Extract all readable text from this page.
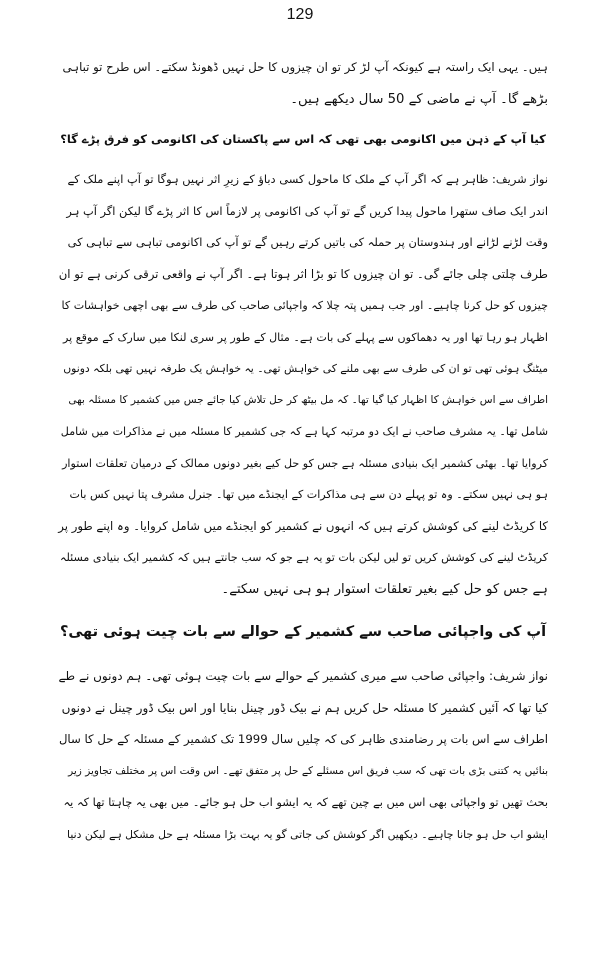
129

ہیں۔ یہی ایک راستہ ہے کیونکہ آپ لڑ کر تو ان چیزوں کا حل نہیں ڈھونڈ سکتے۔ اس طرح تو تباہی

بڑھے گا۔ آپ نے ماضی کے 50 سال دیکھے ہیں۔

کیا آپ کے ذہن میں اکانومی بھی تھی کہ اس سے پاکستان کی اکانومی کو فرق پڑے گا؟

نواز شریف: ظاہر ہے کہ اگر آپ کے ملک کا ماحول کسی دباؤ کے زیرِ اثر نہیں ہوگا تو آپ اپنے ملک کے

اندر ایک صاف ستھرا ماحول پیدا کریں گے تو آپ کی اکانومی پر لازماً اس کا اثر پڑے گا لیکن اگر آپ ہر

وقت لڑنے لڑانے اور ہندوستان پر حملہ کی باتیں کرتے رہیں گے تو آپ کی اکانومی تباہی سے تباہی کی

طرف چلتی چلی جائے گی۔ تو ان چیزوں کا تو بڑا اثر ہوتا ہے۔ اگر آپ نے واقعی ترقی کرنی ہے تو ان

چیزوں کو حل کرنا چاہیے۔ اور جب ہمیں پتہ چلا کہ واجپائی صاحب کی طرف سے بھی اچھی خواہشات کا

اظہار ہو رہا تھا اور یہ دھماکوں سے پہلے کی بات ہے۔ مثال کے طور پر سری لنکا میں سارک کے موقع پر

میٹنگ ہوئی تھی تو ان کی طرف سے بھی ملنے کی خواہش تھی۔ یہ خواہش یک طرفہ نہیں تھی بلکہ دونوں

اطراف سے اس خواہش کا اظہار کیا گیا تھا۔ کہ مل بیٹھ کر حل تلاش کیا جائے جس میں کشمیر کا مسئلہ بھی

شامل تھا۔ یہ مشرف صاحب نے ایک دو مرتبہ کہا ہے کہ جی کشمیر کا مسئلہ میں نے مذاکرات میں شامل

کروایا تھا۔ بھئی کشمیر ایک بنیادی مسئلہ ہے جس کو حل کیے بغیر دونوں ممالک کے درمیان تعلقات استوار

ہو ہی نہیں سکتے۔ وہ تو پہلے دن سے ہی مذاکرات کے ایجنڈے میں تھا۔ جنرل مشرف پتا نہیں کس بات

کا کریڈٹ لینے کی کوشش کرتے ہیں کہ انہوں نے کشمیر کو ایجنڈے میں شامل کروایا۔ وہ اپنے طور پر

کریڈٹ لینے کی کوشش کریں تو لیں لیکن بات تو یہ ہے جو کہ سب جانتے ہیں کہ کشمیر ایک بنیادی مسئلہ

ہے جس کو حل کیے بغیر تعلقات استوار ہو ہی نہیں سکتے۔

آپ کی واجپائی صاحب سے کشمیر کے حوالے سے بات چیت ہوئی تھی؟

نواز شریف: واجپائی صاحب سے میری کشمیر کے حوالے سے بات چیت ہوئی تھی۔ ہم دونوں نے طے

کیا تھا کہ آئیں کشمیر کا مسئلہ حل کریں ہم نے بیک ڈور چینل بنایا اور اس بیک ڈور چینل نے دونوں

اطراف سے اس بات پر رضامندی ظاہر کی کہ چلیں سال 1999 تک کشمیر کے مسئلہ کے حل کا سال

بنائیں یہ کتنی بڑی بات تھی کہ سب فریق اس مسئلے کے حل پر متفق تھے۔ اس وقت اس پر مختلف تجاویز زیر

بحث تھیں تو واجپائی بھی اس میں بے چین تھے کہ یہ ایشو اب حل ہو جائے۔ میں بھی یہ چاہتا تھا کہ یہ

ایشو اب حل ہو جانا چاہیے۔ دیکھیں اگر کوشش کی جاتی گو یہ بہت بڑا مسئلہ ہے حل مشکل ہے لیکن دنیا
